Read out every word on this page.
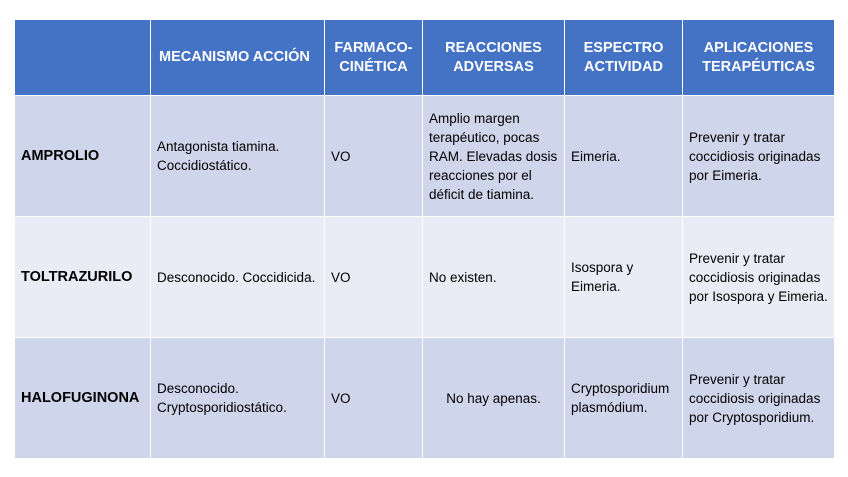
	MECANISMO ACCIÓN	FARMACO-CINÉTICA	REACCIONES ADVERSAS	ESPECTRO ACTIVIDAD	APLICACIONES TERAPÉUTICAS
AMPROLIO	Antagonista tiamina. Coccidiostático.	VO	Amplio margen terapéutico, pocas RAM. Elevadas dosis reacciones por el déficit de tiamina.	Eimeria.	Prevenir y tratar coccidiosis originadas por Eimeria.
TOLTRAZURILO	Desconocido. Coccidicida.	VO	No existen.	Isospora y Eimeria.	Prevenir y tratar coccidiosis originadas por Isospora y Eimeria.
HALOFUGINONA	Desconocido. Cryptosporidiostático.	VO	No hay apenas.	Cryptosporidium plasmódium.	Prevenir y tratar coccidiosis originadas por Cryptosporidium.
